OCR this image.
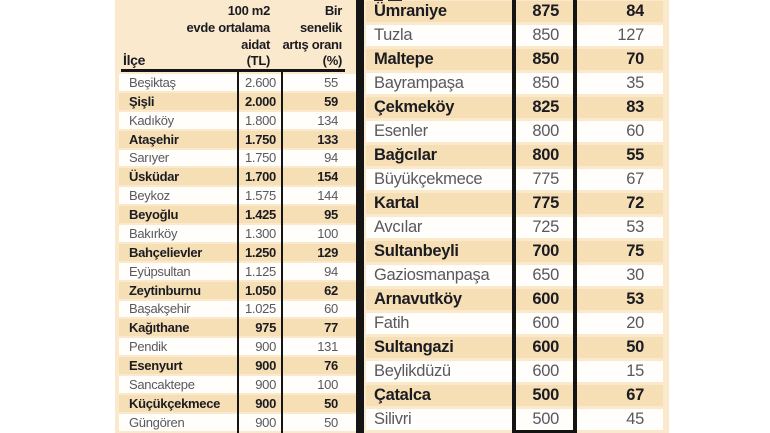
100 m2
evde ortalama
aidat
Bir
senelik
artış oranı
İlçe	(TL)	(%)
Beşiktaş	2.600	55
Şişli	2.000	59
Kadıköy	1.800	134
Ataşehir	1.750	133
Sarıyer	1.750	94
Üsküdar	1.700	154
Beykoz	1.575	144
Beyoğlu	1.425	95
Bakırköy	1.300	100
Bahçelievler	1.250	129
Eyüpsultan	1.125	94
Zeytinburnu	1.050	62
Başakşehir	1.025	60
Kağıthane	975	77
Pendik	900	131
Esenyurt	900	76
Sancaktepe	900	100
Küçükçekmece	900	50
Güngören	900	50
Ümraniye	875	84
Tuzla	850	127
Maltepe	850	70
Bayrampaşa	850	35
Çekmeköy	825	83
Esenler	800	60
Bağcılar	800	55
Büyükçekmece	775	67
Kartal	775	72
Avcılar	725	53
Sultanbeyli	700	75
Gaziosmanpaşa	650	30
Arnavutköy	600	53
Fatih	600	20
Sultangazi	600	50
Beylikdüzü	600	15
Çatalca	500	67
Silivri	500	45
